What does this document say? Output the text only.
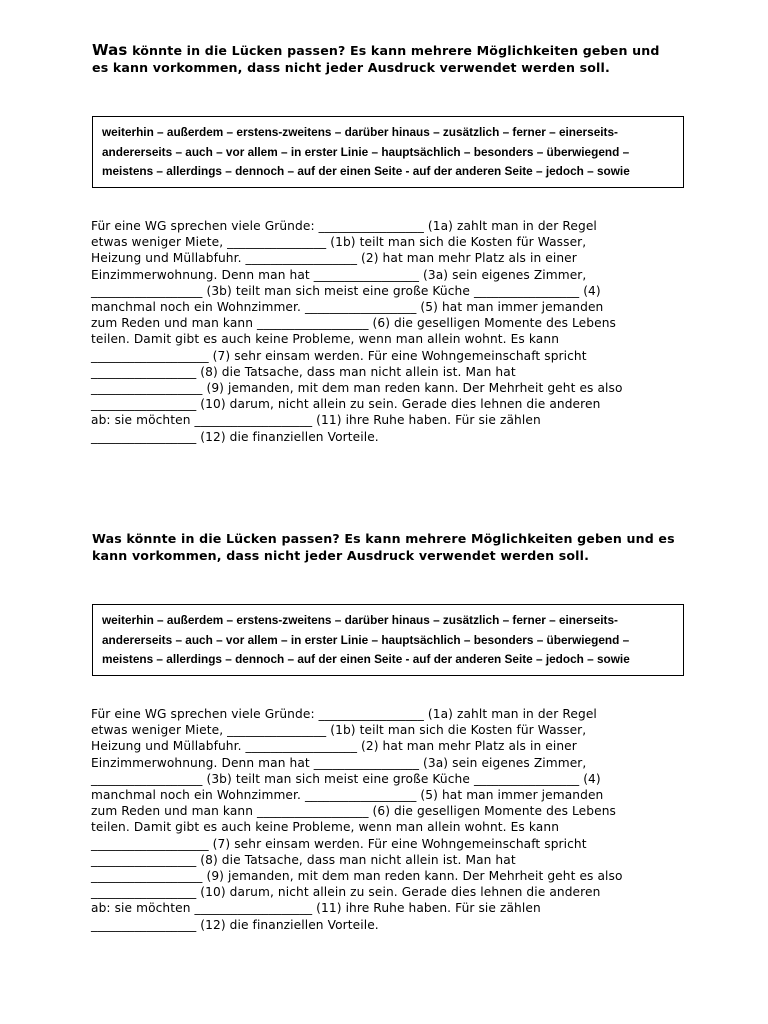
Was könnte in die Lücken passen? Es kann mehrere Möglichkeiten geben und
es kann vorkommen, dass nicht jeder Ausdruck verwendet werden soll.
weiterhin – außerdem – erstens-zweitens – darüber hinaus – zusätzlich – ferner – einerseits-
andererseits – auch – vor allem – in erster Linie – hauptsächlich – besonders – überwiegend –
meistens – allerdings – dennoch – auf der einen Seite - auf der anderen Seite – jedoch – sowie
Für eine WG sprechen viele Gründe: _________________ (1a) zahlt man in der Regel
etwas weniger Miete, ________________ (1b) teilt man sich die Kosten für Wasser,
Heizung und Müllabfuhr. __________________ (2) hat man mehr Platz als in einer
Einzimmerwohnung. Denn man hat _________________ (3a) sein eigenes Zimmer,
__________________ (3b) teilt man sich meist eine große Küche _________________ (4)
manchmal noch ein Wohnzimmer. __________________ (5) hat man immer jemanden
zum Reden und man kann __________________ (6) die geselligen Momente des Lebens
teilen. Damit gibt es auch keine Probleme, wenn man allein wohnt. Es kann
___________________ (7) sehr einsam werden. Für eine Wohngemeinschaft spricht
_________________ (8) die Tatsache, dass man nicht allein ist. Man hat
__________________ (9) jemanden, mit dem man reden kann. Der Mehrheit geht es also
_________________ (10) darum, nicht allein zu sein. Gerade dies lehnen die anderen
ab: sie möchten ___________________ (11) ihre Ruhe haben. Für sie zählen
_________________ (12) die finanziellen Vorteile.
Was könnte in die Lücken passen? Es kann mehrere Möglichkeiten geben und es
kann vorkommen, dass nicht jeder Ausdruck verwendet werden soll.
weiterhin – außerdem – erstens-zweitens – darüber hinaus – zusätzlich – ferner – einerseits-
andererseits – auch – vor allem – in erster Linie – hauptsächlich – besonders – überwiegend –
meistens – allerdings – dennoch – auf der einen Seite - auf der anderen Seite – jedoch – sowie
Für eine WG sprechen viele Gründe: _________________ (1a) zahlt man in der Regel
etwas weniger Miete, ________________ (1b) teilt man sich die Kosten für Wasser,
Heizung und Müllabfuhr. __________________ (2) hat man mehr Platz als in einer
Einzimmerwohnung. Denn man hat _________________ (3a) sein eigenes Zimmer,
__________________ (3b) teilt man sich meist eine große Küche _________________ (4)
manchmal noch ein Wohnzimmer. __________________ (5) hat man immer jemanden
zum Reden und man kann __________________ (6) die geselligen Momente des Lebens
teilen. Damit gibt es auch keine Probleme, wenn man allein wohnt. Es kann
___________________ (7) sehr einsam werden. Für eine Wohngemeinschaft spricht
_________________ (8) die Tatsache, dass man nicht allein ist. Man hat
__________________ (9) jemanden, mit dem man reden kann. Der Mehrheit geht es also
_________________ (10) darum, nicht allein zu sein. Gerade dies lehnen die anderen
ab: sie möchten ___________________ (11) ihre Ruhe haben. Für sie zählen
_________________ (12) die finanziellen Vorteile.
